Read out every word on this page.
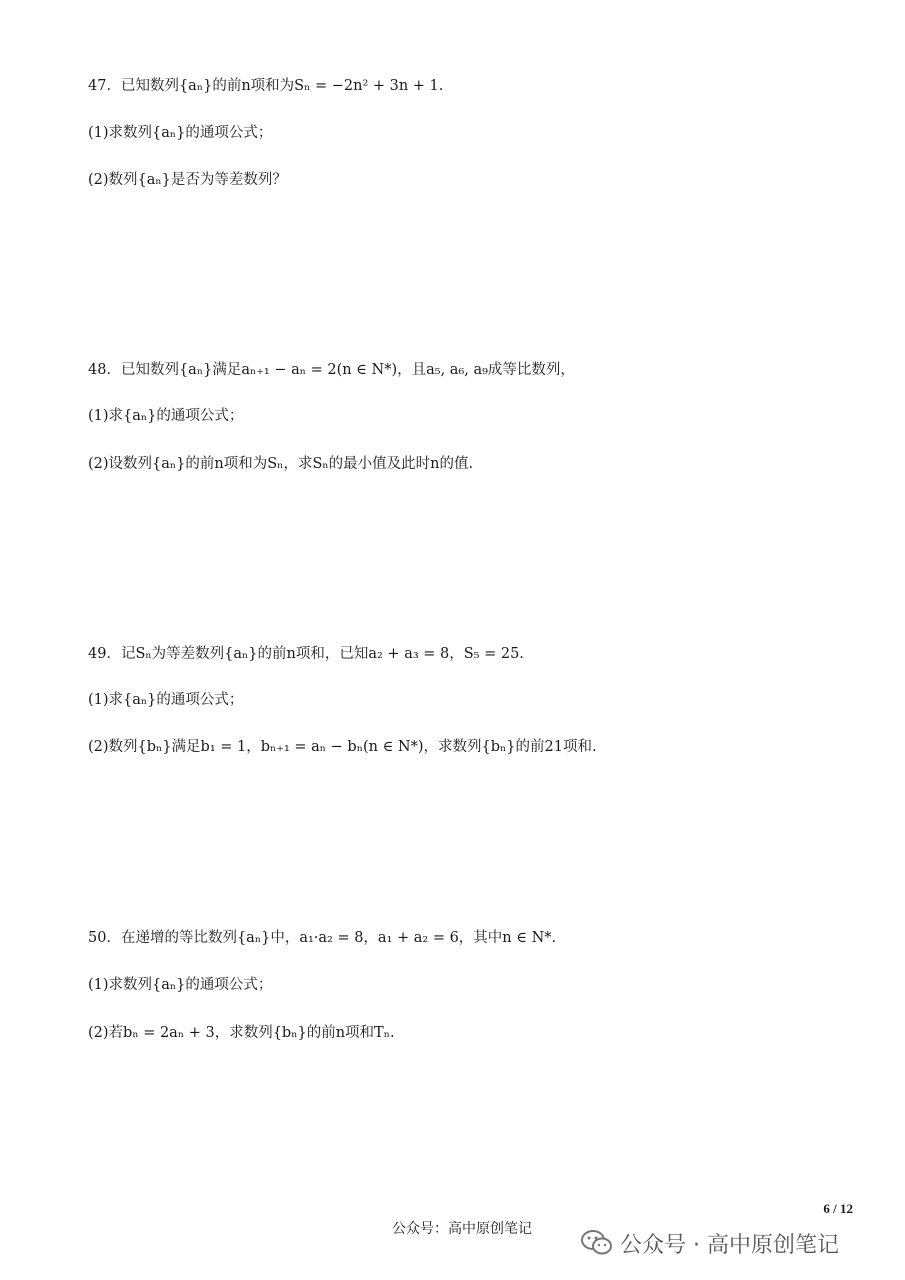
47．已知数列{aₙ}的前n项和为Sₙ = −2n² + 3n + 1.
(1)求数列{aₙ}的通项公式；
(2)数列{aₙ}是否为等差数列？
48．已知数列{aₙ}满足aₙ₊₁ − aₙ = 2(n ∈ N*)，且a₅, a₆, a₉成等比数列，
(1)求{aₙ}的通项公式；
(2)设数列{aₙ}的前n项和为Sₙ，求Sₙ的最小值及此时n的值.
49．记Sₙ为等差数列{aₙ}的前n项和，已知a₂ + a₃ = 8，S₅ = 25.
(1)求{aₙ}的通项公式；
(2)数列{bₙ}满足b₁ = 1，bₙ₊₁ = aₙ − bₙ(n ∈ N*)，求数列{bₙ}的前21项和.
50．在递增的等比数列{aₙ}中，a₁·a₂ = 8，a₁ + a₂ = 6，其中n ∈ N*.
(1)求数列{aₙ}的通项公式；
(2)若bₙ = 2aₙ + 3，求数列{bₙ}的前n项和Tₙ.
6 / 12
公众号：高中原创笔记
公众号 · 高中原创笔记
